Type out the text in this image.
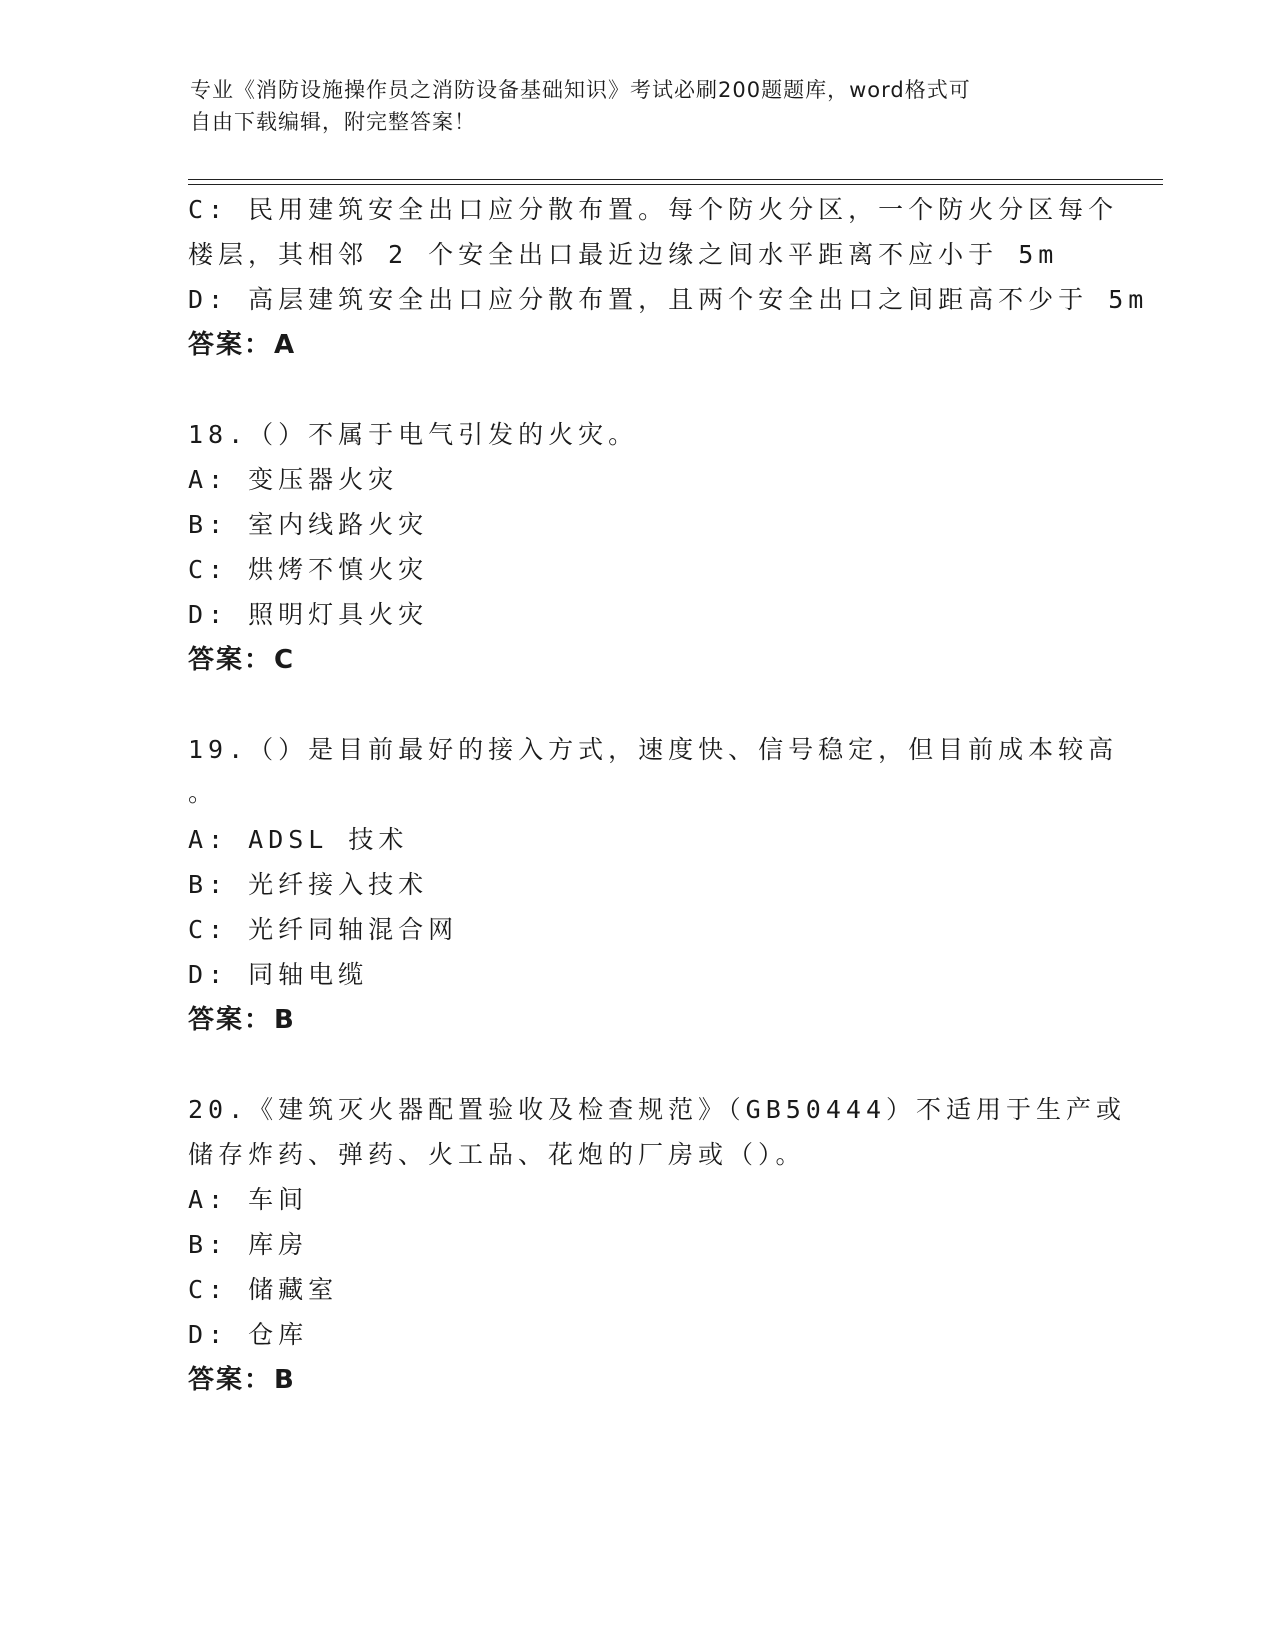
专业《消防设施操作员之消防设备基础知识》考试必刷200题题库，word格式可
自由下载编辑，附完整答案！
C: 民用建筑安全出口应分散布置。每个防火分区，一个防火分区每个
楼层，其相邻 2 个安全出口最近边缘之间水平距离不应小于 5m
D: 高层建筑安全出口应分散布置，且两个安全出口之间距高不少于 5m
答案：A
18.（）不属于电气引发的火灾。
A: 变压器火灾
B: 室内线路火灾
C: 烘烤不慎火灾
D: 照明灯具火灾
答案：C
19.（）是目前最好的接入方式，速度快、信号稳定，但目前成本较高
。
A: ADSL 技术
B: 光纤接入技术
C: 光纤同轴混合网
D: 同轴电缆
答案：B
20.《建筑灭火器配置验收及检查规范》（GB50444）不适用于生产或
储存炸药、弹药、火工品、花炮的厂房或（）。
A: 车间
B: 库房
C: 储藏室
D: 仓库
答案：B
